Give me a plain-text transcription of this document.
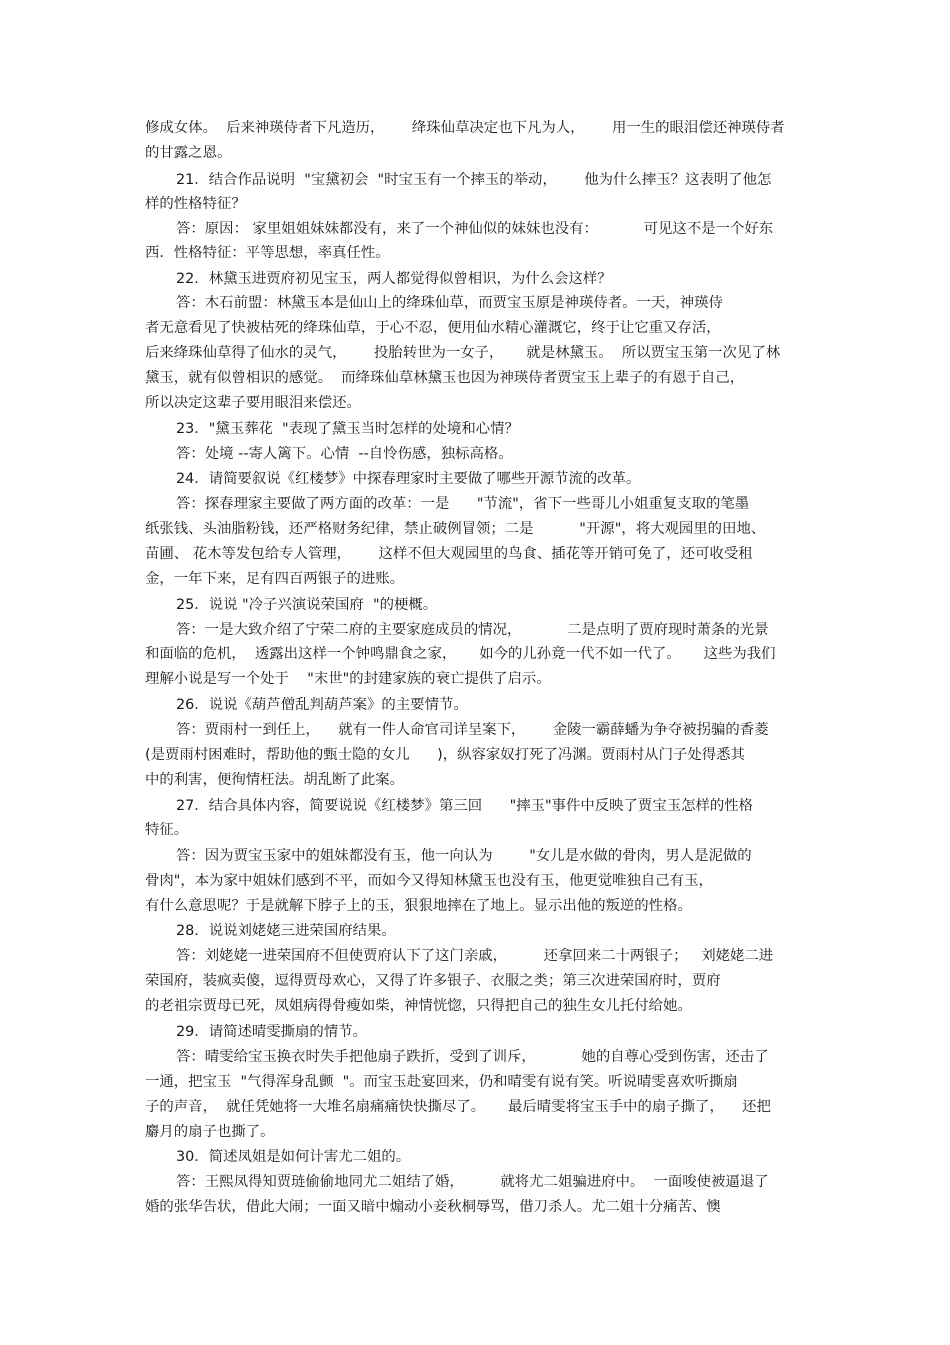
修成女体。  后来神瑛侍者下凡造历，      绛珠仙草决定也下凡为人，      用一生的眼泪偿还神瑛侍者

的甘露之恩。

21．结合作品说明  "宝黛初会  "时宝玉有一个摔玉的举动，      他为什么摔玉？这表明了他怎

样的性格特征？

答：原因： 家里姐姐妹妹都没有，来了一个神仙似的妹妹也没有：          可见这不是一个好东

西．性格特征：平等思想，率真任性。

22．林黛玉进贾府初见宝玉，两人都觉得似曾相识，为什么会这样？

答：木石前盟：林黛玉本是仙山上的绛珠仙草，而贾宝玉原是神瑛侍者。一天，神瑛侍

者无意看见了快被枯死的绛珠仙草，于心不忍，便用仙水精心灌溉它，终于让它重又存活，

后来绛珠仙草得了仙水的灵气，      投胎转世为一女子，     就是林黛玉。  所以贾宝玉第一次见了林

黛玉，就有似曾相识的感觉。  而绛珠仙草林黛玉也因为神瑛侍者贾宝玉上辈子的有恩于自己，

所以决定这辈子要用眼泪来偿还。

23．"黛玉葬花  "表现了黛玉当时怎样的处境和心情？

答：处境 --寄人篱下。心情  --自怜伤感，独标高格。

24．请简要叙说《红楼梦》中探春理家时主要做了哪些开源节流的改革。

答：探春理家主要做了两方面的改革：一是      "节流"，省下一些哥儿小姐重复支取的笔墨

纸张钱、头油脂粉钱，还严格财务纪律，禁止破例冒领；二是          "开源"，将大观园里的田地、

苗圃、 花木等发包给专人管理，      这样不但大观园里的鸟食、插花等开销可免了，还可收受租

金，一年下来，足有四百两银子的进账。

25．说说 "冷子兴演说荣国府  "的梗概。

答：一是大致介绍了宁荣二府的主要家庭成员的情况，          二是点明了贾府现时萧条的光景

和面临的危机，  透露出这样一个钟鸣鼎食之家，     如今的儿孙竟一代不如一代了。     这些为我们

理解小说是写一个处于    "末世"的封建家族的衰亡提供了启示。

26．说说《葫芦僧乱判葫芦案》的主要情节。

答：贾雨村一到任上，    就有一件人命官司详呈案下，      金陵一霸薛蟠为争夺被拐骗的香菱

(是贾雨村困难时，帮助他的甄士隐的女儿      )，纵容家奴打死了冯渊。贾雨村从门子处得悉其

中的利害，便徇情枉法。胡乱断了此案。

27．结合具体内容，简要说说《红楼梦》第三回      "摔玉"事件中反映了贾宝玉怎样的性格

特征。

答：因为贾宝玉家中的姐妹都没有玉，他一向认为        "女儿是水做的骨肉，男人是泥做的

骨肉"，本为家中姐妹们感到不平，而如今又得知林黛玉也没有玉，他更觉唯独自己有玉，

有什么意思呢？于是就解下脖子上的玉，狠狠地摔在了地上。显示出他的叛逆的性格。

28．说说刘姥姥三进荣国府结果。

答：刘姥姥一进荣国府不但使贾府认下了这门亲戚，        还拿回来二十两银子；   刘姥姥二进

荣国府，装疯卖傻，逗得贾母欢心，又得了许多银子、衣服之类；第三次进荣国府时，贾府

的老祖宗贾母已死，凤姐病得骨瘦如柴，神情恍惚，只得把自己的独生女儿托付给她。

29．请简述晴雯撕扇的情节。

答：晴雯给宝玉换衣时失手把他扇子跌折，受到了训斥，          她的自尊心受到伤害，还击了

一通，把宝玉  "气得浑身乱颤  "。而宝玉赴宴回来，仍和晴雯有说有笑。听说晴雯喜欢听撕扇

子的声音，  就任凭她将一大堆名扇痛痛快快撕尽了。     最后晴雯将宝玉手中的扇子撕了，    还把

麝月的扇子也撕了。

30．简述凤姐是如何计害尤二姐的。

答：王熙凤得知贾琏偷偷地同尤二姐结了婚，        就将尤二姐骗进府中。  一面唆使被逼退了

婚的张华告状，借此大闹；一面又暗中煽动小妾秋桐辱骂，借刀杀人。尤二姐十分痛苦、懊
